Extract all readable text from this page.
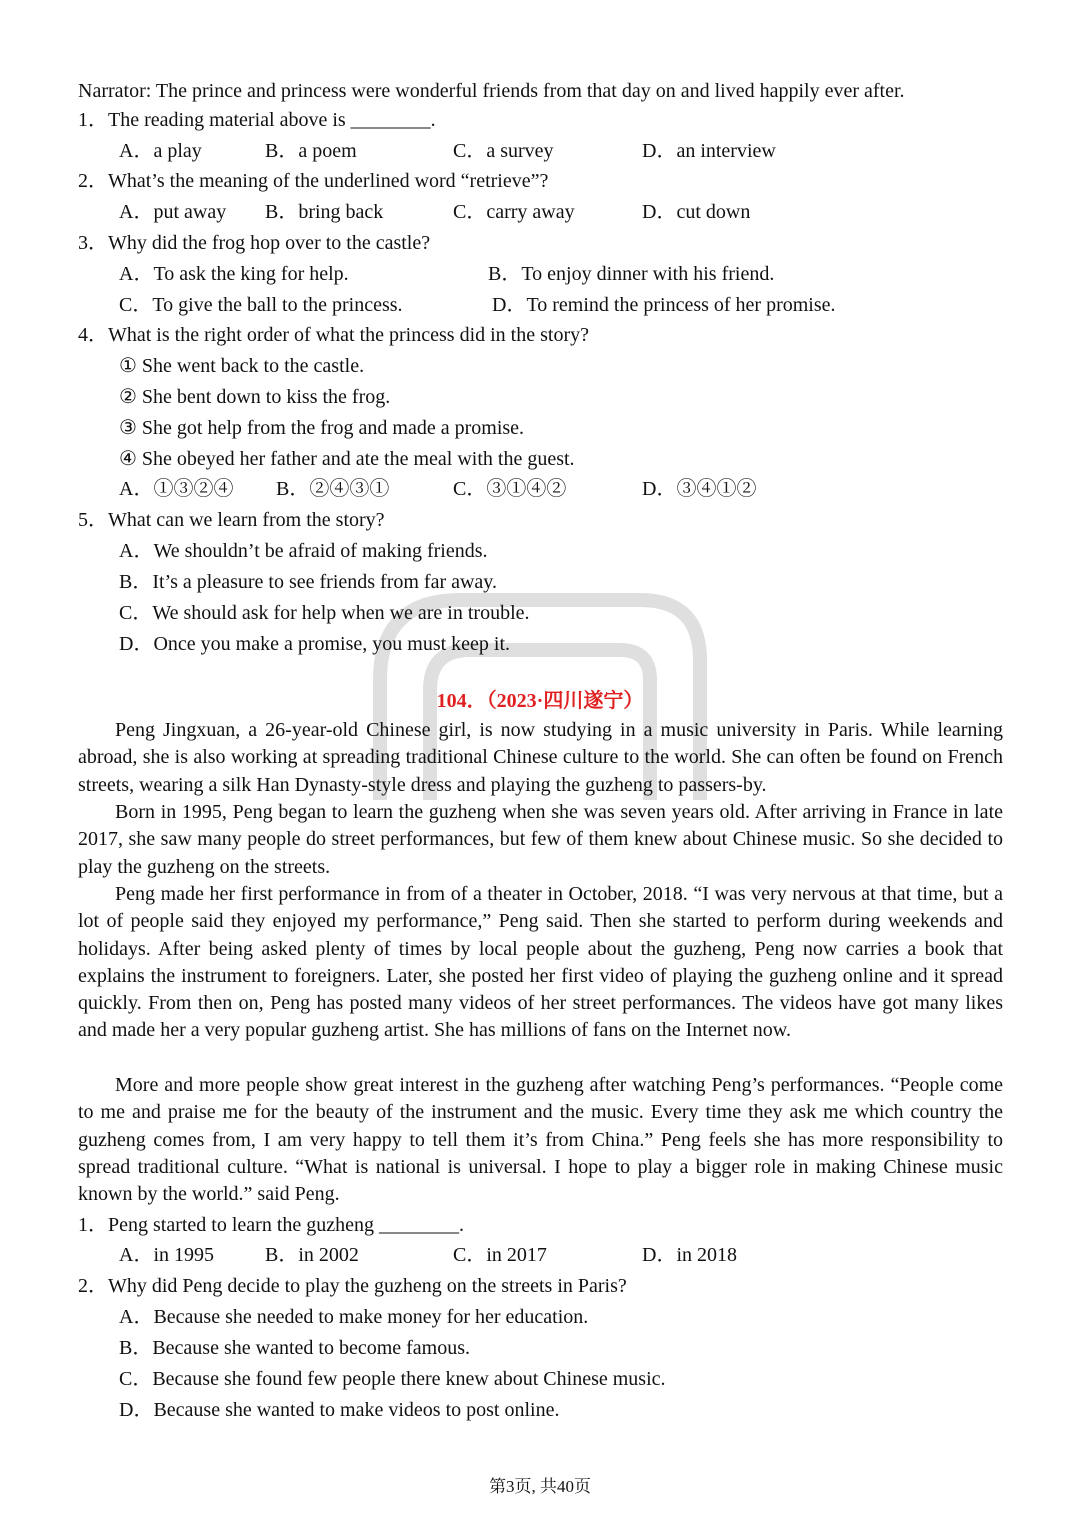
Narrator: The prince and princess were wonderful friends from that day on and lived happily ever after.
1．The reading material above is ________.
A．a play	B．a poem	C．a survey	D．an interview
2．What’s the meaning of the underlined word “retrieve”?
A．put away B．bring back	C．carry away	D．cut down
3．Why did the frog hop over to the castle?
A．To ask the king for help.	B．To enjoy dinner with his friend.
C．To give the ball to the princess.	D．To remind the princess of her promise.
4．What is the right order of what the princess did in the story?
① She went back to the castle.
② She bent down to kiss the frog.
③ She got help from the frog and made a promise.
④ She obeyed her father and ate the meal with the guest.
A．①③②④ B．②④③①	C．③①④②	D．③④①②
5．What can we learn from the story?
A．We shouldn’t be afraid of making friends.
B．It’s a pleasure to see friends from far away.
C．We should ask for help when we are in trouble.
D．Once you make a promise, you must keep it.
104．（2023·四川遂宁）
Peng Jingxuan, a 26-year-old Chinese girl, is now studying in a music university in Paris. While learning abroad, she is also working at spreading traditional Chinese culture to the world. She can often be found on French streets, wearing a silk Han Dynasty-style dress and playing the guzheng to passers-by.
Born in 1995, Peng began to learn the guzheng when she was seven years old. After arriving in France in late 2017, she saw many people do street performances, but few of them knew about Chinese music. So she decided to play the guzheng on the streets.
Peng made her first performance in from of a theater in October, 2018. “I was very nervous at that time, but a lot of people said they enjoyed my performance,” Peng said. Then she started to perform during weekends and holidays. After being asked plenty of times by local people about the guzheng, Peng now carries a book that explains the instrument to foreigners. Later, she posted her first video of playing the guzheng online and it spread quickly. From then on, Peng has posted many videos of her street performances. The videos have got many likes and made her a very popular guzheng artist. She has millions of fans on the Internet now.
More and more people show great interest in the guzheng after watching Peng’s performances. “People come to me and praise me for the beauty of the instrument and the music. Every time they ask me which country the guzheng comes from, I am very happy to tell them it’s from China.” Peng feels she has more responsibility to spread traditional culture. “What is national is universal. I hope to play a bigger role in making Chinese music known by the world.” said Peng.
1．Peng started to learn the guzheng ________.
A．in 1995	B．in 2002	C．in 2017	D．in 2018
2．Why did Peng decide to play the guzheng on the streets in Paris?
A．Because she needed to make money for her education.
B．Because she wanted to become famous.
C．Because she found few people there knew about Chinese music.
D．Because she wanted to make videos to post online.
第3页, 共40页
